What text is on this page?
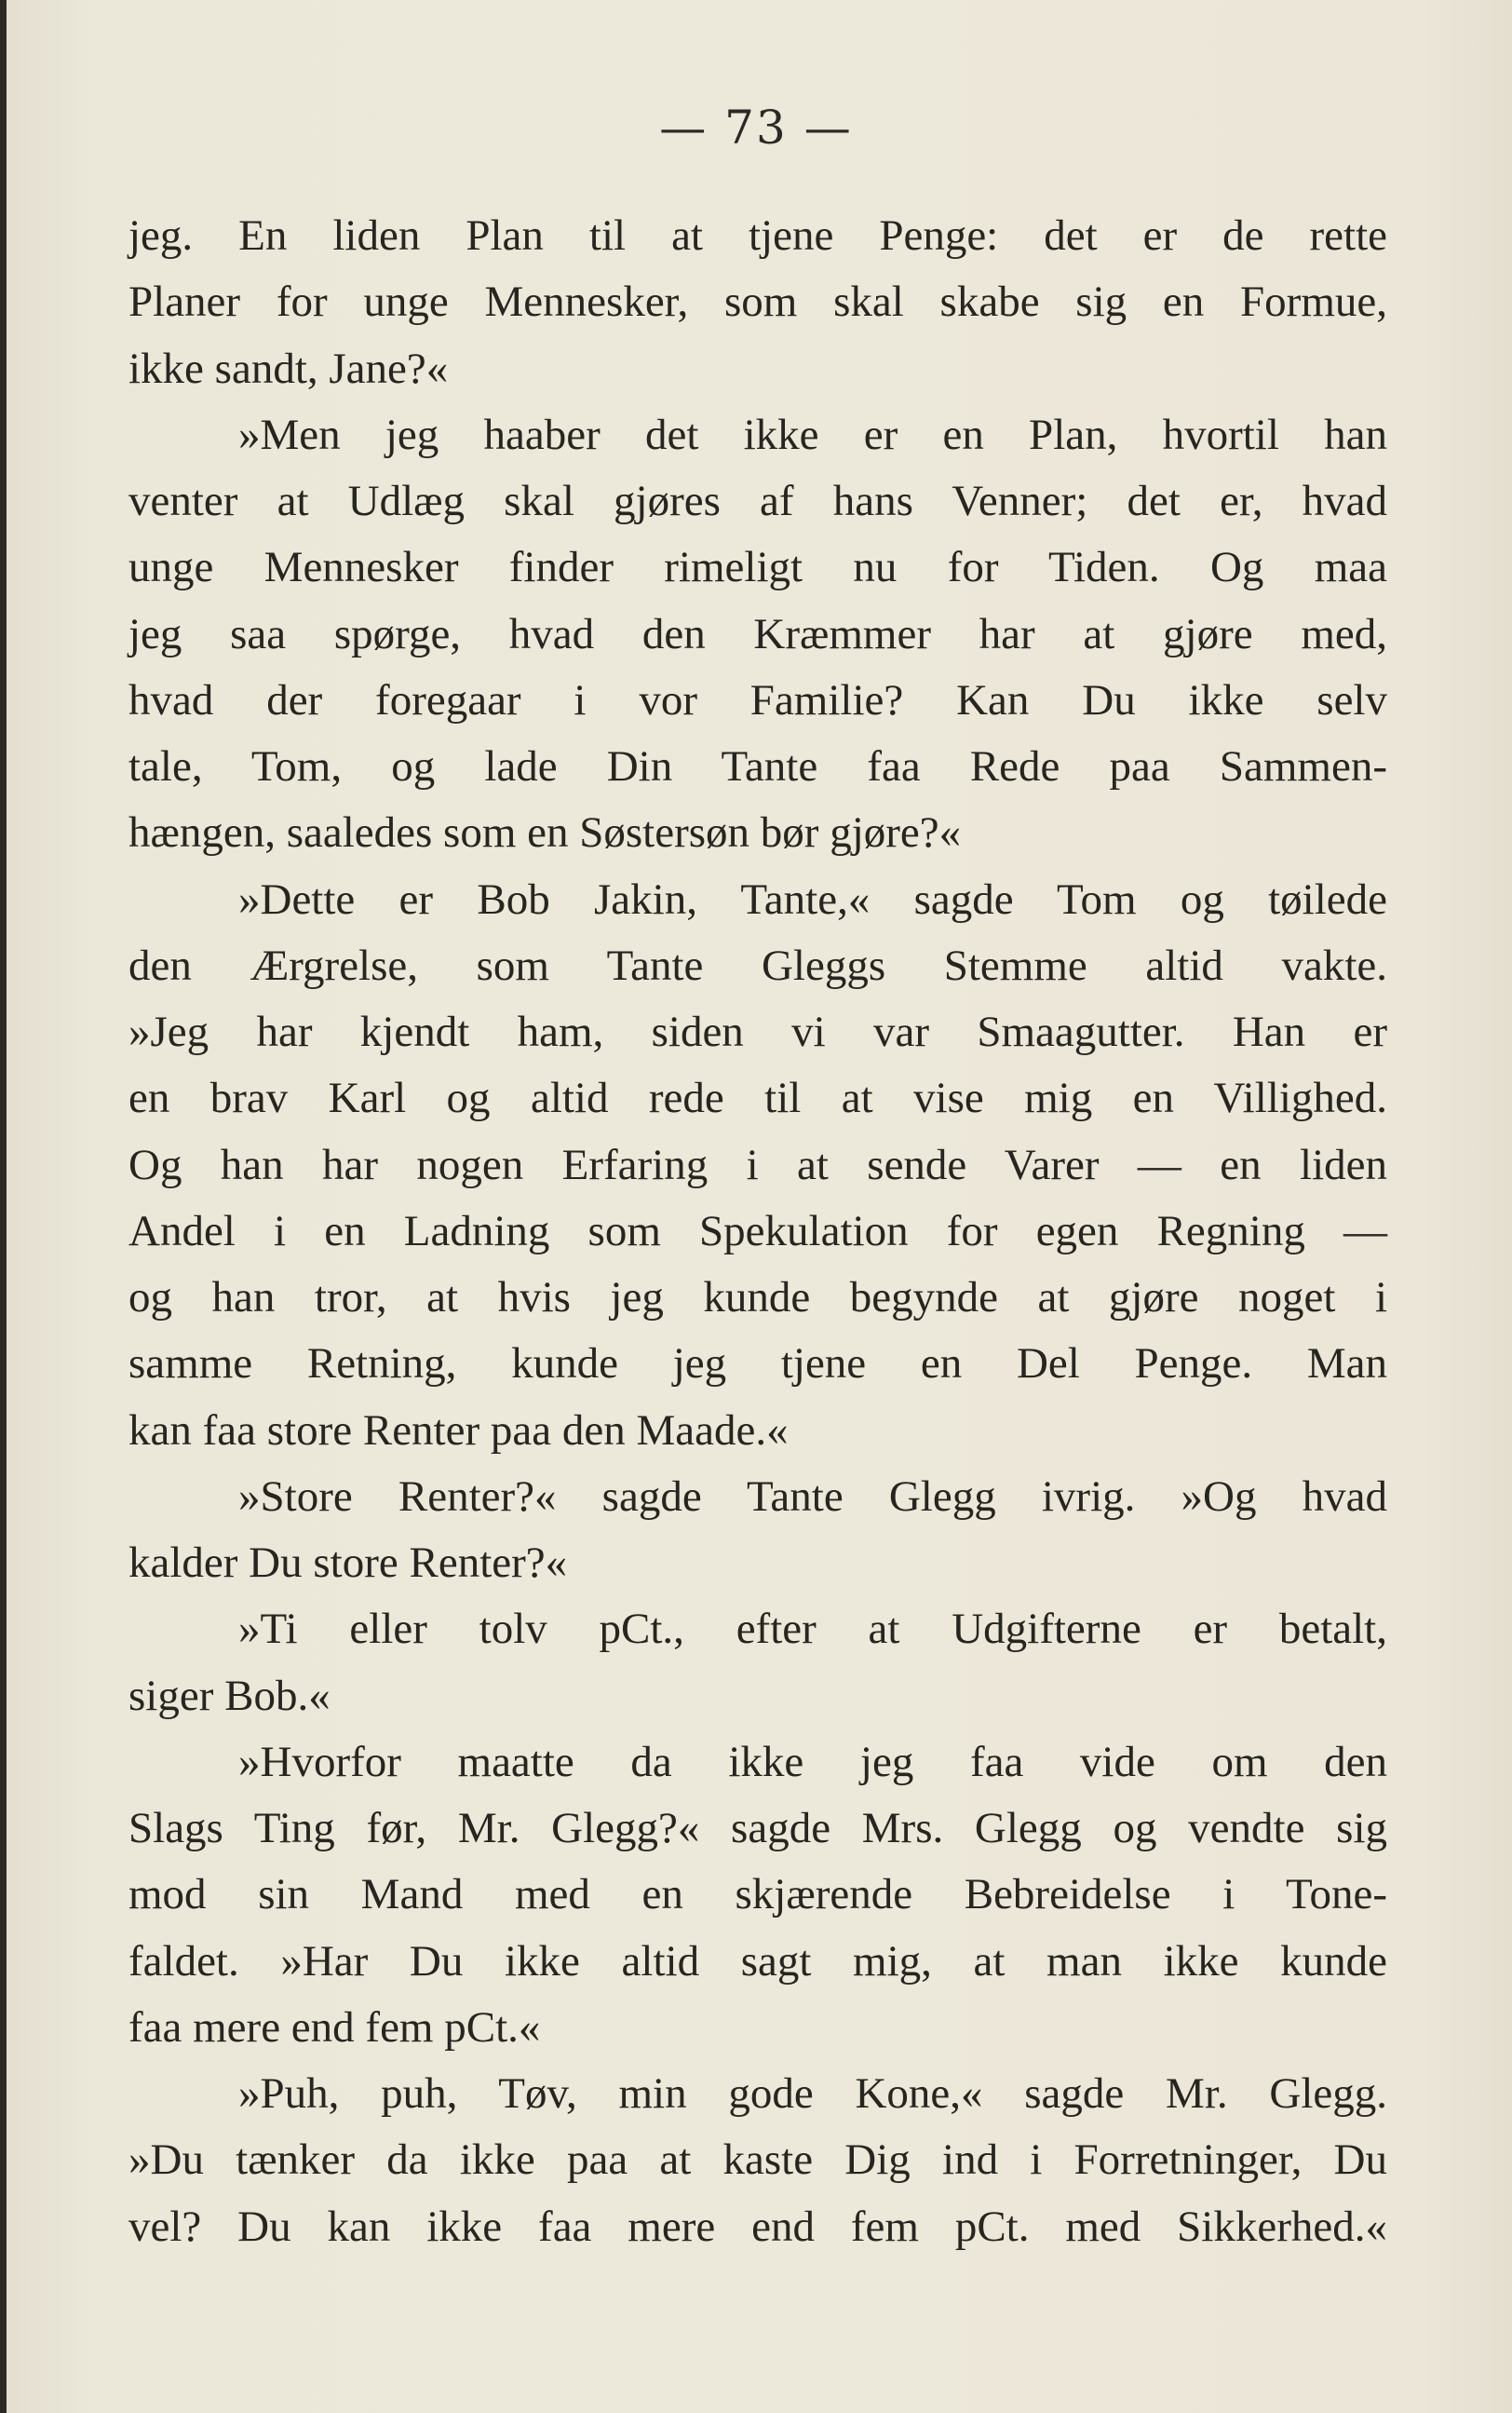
— 73 —
jeg. En liden Plan til at tjene Penge: det er de rette
Planer for unge Mennesker, som skal skabe sig en Formue,
ikke sandt, Jane?«
»Men jeg haaber det ikke er en Plan, hvortil han
venter at Udlæg skal gjøres af hans Venner; det er, hvad
unge Mennesker finder rimeligt nu for Tiden. Og maa
jeg saa spørge, hvad den Kræmmer har at gjøre med,
hvad der foregaar i vor Familie? Kan Du ikke selv
tale, Tom, og lade Din Tante faa Rede paa Sammen-
hængen, saaledes som en Søstersøn bør gjøre?«
»Dette er Bob Jakin, Tante,« sagde Tom og tøilede
den Ærgrelse, som Tante Gleggs Stemme altid vakte.
»Jeg har kjendt ham, siden vi var Smaagutter. Han er
en brav Karl og altid rede til at vise mig en Villighed.
Og han har nogen Erfaring i at sende Varer — en liden
Andel i en Ladning som Spekulation for egen Regning —
og han tror, at hvis jeg kunde begynde at gjøre noget i
samme Retning, kunde jeg tjene en Del Penge. Man
kan faa store Renter paa den Maade.«
»Store Renter?« sagde Tante Glegg ivrig. »Og hvad
kalder Du store Renter?«
»Ti eller tolv pCt., efter at Udgifterne er betalt,
siger Bob.«
»Hvorfor maatte da ikke jeg faa vide om den
Slags Ting før, Mr. Glegg?« sagde Mrs. Glegg og vendte sig
mod sin Mand med en skjærende Bebreidelse i Tone-
faldet. »Har Du ikke altid sagt mig, at man ikke kunde
faa mere end fem pCt.«
»Puh, puh, Tøv, min gode Kone,« sagde Mr. Glegg.
»Du tænker da ikke paa at kaste Dig ind i Forretninger, Du
vel? Du kan ikke faa mere end fem pCt. med Sikkerhed.«
